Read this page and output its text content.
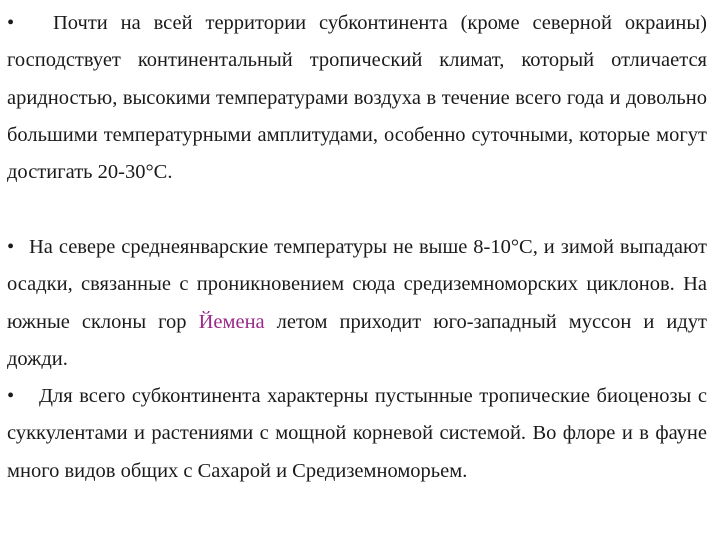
• Почти на всей территории субконтинента (кроме северной окраины) господствует континентальный тропический климат, который отличается аридностью, высокими температурами воздуха в течение всего года и довольно большими температурными амплитудами, особенно суточными, которые могут достигать 20-30°С.
• На севере среднеянварские температуры не выше 8-10°С, и зимой выпадают осадки, связанные с проникновением сюда средиземноморских циклонов. На южные склоны гор Йемена летом приходит юго-западный муссон и идут дожди.
• Для всего субконтинента характерны пустынные тропические биоценозы с суккулентами и растениями с мощной корневой системой. Во флоре и в фауне много видов общих с Сахарой и Средиземноморьем.
